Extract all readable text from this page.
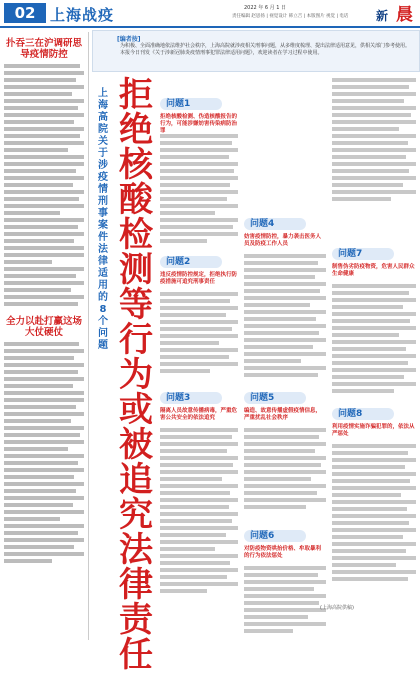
02 上海战疫	2022 年 6 月 1 日
责任编辑 赵思扬 | 视觉设计 韩立吉 | 本版图片 视觉 | 电话 新 晨
扑吞三在沪调研思导疫情防控
全力以赴打赢这场大仗硬仗
[编者按]
为积极、全面准确地依法维护社会秩序，上海高院就涉疫相关刑事问题，从多维度梳理、提出法律适用意见，供相关部门参考使用。本报今日刊发《关于涉新冠肺炎疫情刑事犯罪法律适用问题》，欢迎读者在学习过程中使用。
上海高院关于涉疫情刑事案件法律适用的8个问题
拒绝核酸检测等行为或被追究法律责任
问题1
拒绝核酸检测、伪造核酸报告的行为，可能涉嫌妨害传染病防治罪
问题2
违反疫情防控规定，拒绝执行防疫措施可追究刑事责任
问题3
隔离人员故意传播病毒，严重危害公共安全的依法追究
问题4
妨害疫情防控，暴力袭击医务人员及防疫工作人员
问题5
编造、故意传播虚假疫情信息，严重扰乱社会秩序
问题6
对防疫物资哄抬价格、牟取暴利的行为依法惩处
问题7
制售伪劣防疫物资，危害人民群众生命健康
问题8
利用疫情实施诈骗犯罪的，依法从严惩处
(上海高院供稿)
